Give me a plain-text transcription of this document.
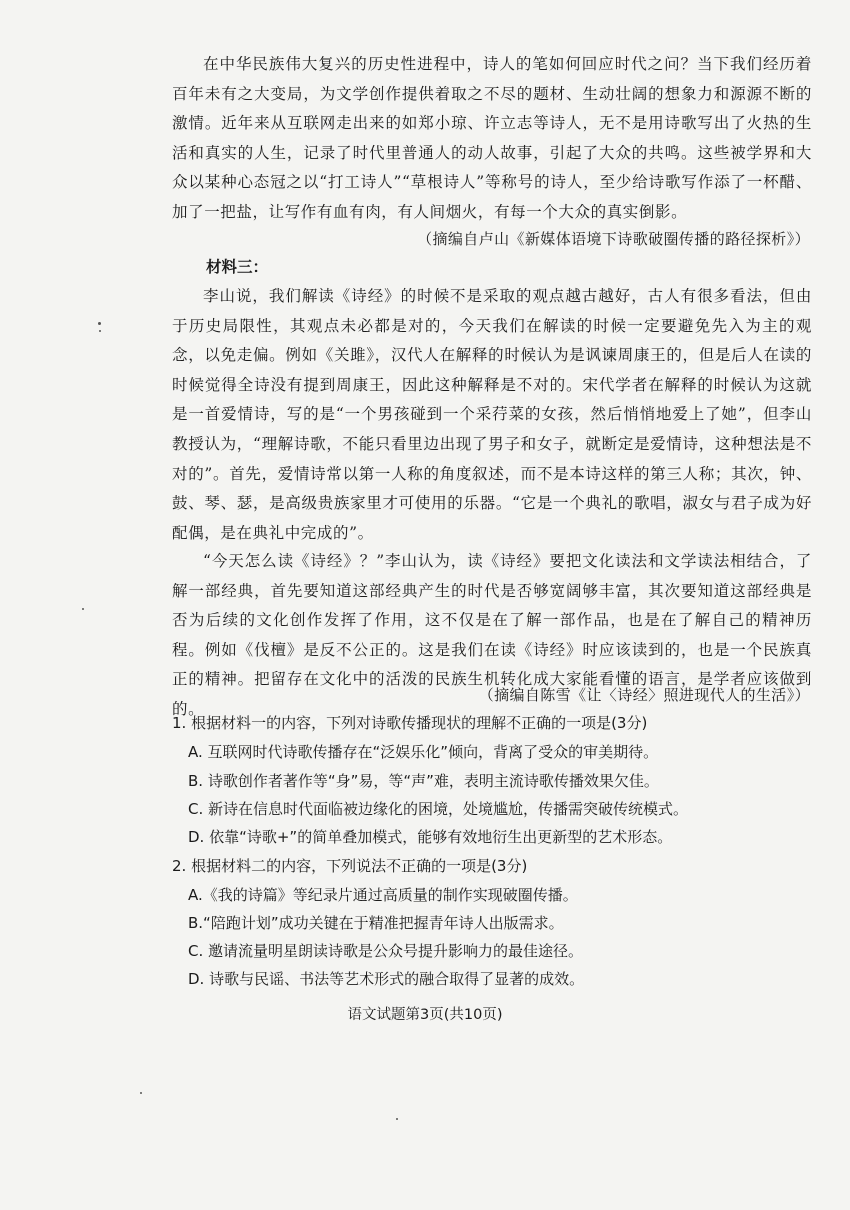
在中华民族伟大复兴的历史性进程中，诗人的笔如何回应时代之问？当下我们经历着百年未有之大变局，为文学创作提供着取之不尽的题材、生动壮阔的想象力和源源不断的激情。近年来从互联网走出来的如郑小琼、许立志等诗人，无不是用诗歌写出了火热的生活和真实的人生，记录了时代里普通人的动人故事，引起了大众的共鸣。这些被学界和大众以某种心态冠之以“打工诗人”“草根诗人”等称号的诗人，至少给诗歌写作添了一杯醋、加了一把盐，让写作有血有肉，有人间烟火，有每一个大众的真实倒影。

（摘编自卢山《新媒体语境下诗歌破圈传播的路径探析》）
材料三：

李山说，我们解读《诗经》的时候不是采取的观点越古越好，古人有很多看法，但由于历史局限性，其观点未必都是对的，今天我们在解读的时候一定要避免先入为主的观念，以免走偏。例如《关雎》，汉代人在解释的时候认为是讽谏周康王的，但是后人在读的时候觉得全诗没有提到周康王，因此这种解释是不对的。宋代学者在解释的时候认为这就是一首爱情诗，写的是“一个男孩碰到一个采荇菜的女孩，然后悄悄地爱上了她”，但李山教授认为，“理解诗歌，不能只看里边出现了男子和女子，就断定是爱情诗，这种想法是不对的”。首先，爱情诗常以第一人称的角度叙述，而不是本诗这样的第三人称；其次，钟、鼓、琴、瑟，是高级贵族家里才可使用的乐器。“它是一个典礼的歌唱，淑女与君子成为好配偶，是在典礼中完成的”。

“今天怎么读《诗经》？”李山认为，读《诗经》要把文化读法和文学读法相结合，了解一部经典，首先要知道这部经典产生的时代是否够宽阔够丰富，其次要知道这部经典是否为后续的文化创作发挥了作用，这不仅是在了解一部作品，也是在了解自己的精神历程。例如《伐檀》是反不公正的。这是我们在读《诗经》时应该读到的，也是一个民族真正的精神。把留存在文化中的活泼的民族生机转化成大家能看懂的语言，是学者应该做到的。

（摘编自陈雪《让〈诗经〉照进现代人的生活》）
1. 根据材料一的内容，下列对诗歌传播现状的理解不正确的一项是(3分)
A. 互联网时代诗歌传播存在“泛娱乐化”倾向，背离了受众的审美期待。
B. 诗歌创作者著作等“身”易，等“声”难，表明主流诗歌传播效果欠佳。
C. 新诗在信息时代面临被边缘化的困境，处境尴尬，传播需突破传统模式。
D. 依靠“诗歌+”的简单叠加模式，能够有效地衍生出更新型的艺术形态。
2. 根据材料二的内容，下列说法不正确的一项是(3分)
A.《我的诗篇》等纪录片通过高质量的制作实现破圈传播。
B.“陪跑计划”成功关键在于精准把握青年诗人出版需求。
C. 邀请流量明星朗读诗歌是公众号提升影响力的最佳途径。
D. 诗歌与民谣、书法等艺术形式的融合取得了显著的成效。
语文试题第3页(共10页)
